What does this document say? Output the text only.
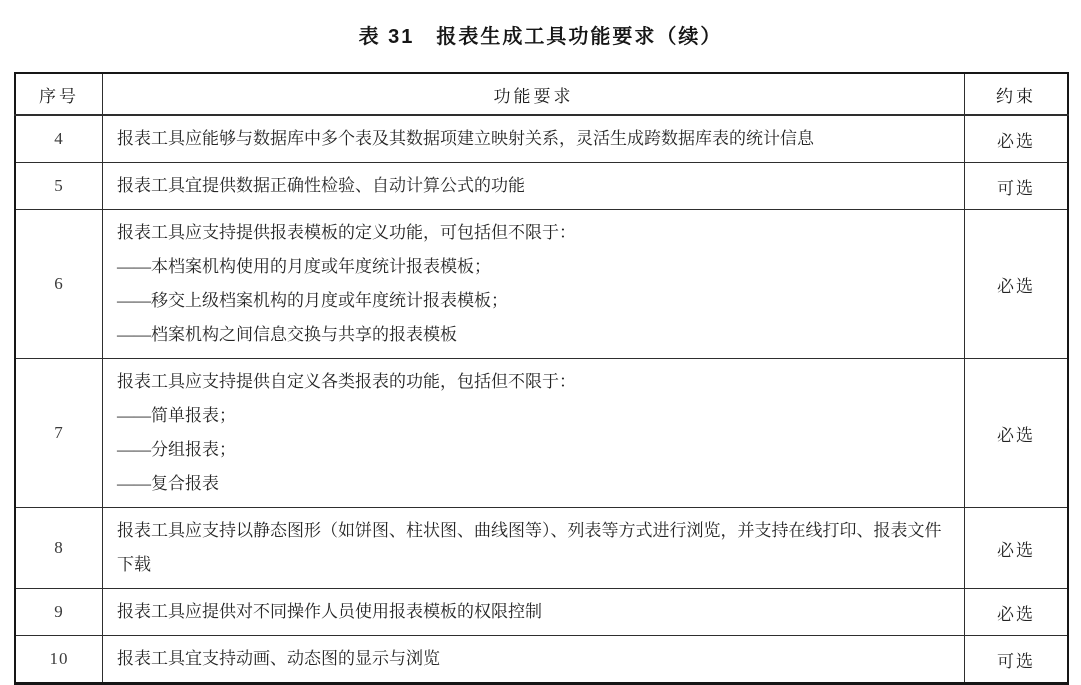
表 31　报表生成工具功能要求（续）
序号	功能要求	约束
4	报表工具应能够与数据库中多个表及其数据项建立映射关系，灵活生成跨数据库表的统计信息	必选
5	报表工具宜提供数据正确性检验、自动计算公式的功能	可选
6	报表工具应支持提供报表模板的定义功能，可包括但不限于：
——本档案机构使用的月度或年度统计报表模板；
——移交上级档案机构的月度或年度统计报表模板；
——档案机构之间信息交换与共享的报表模板	必选
7	报表工具应支持提供自定义各类报表的功能，包括但不限于：
——简单报表；
——分组报表；
——复合报表	必选
8	报表工具应支持以静态图形（如饼图、柱状图、曲线图等）、列表等方式进行浏览，并支持在线打印、报表文件下载	必选
9	报表工具应提供对不同操作人员使用报表模板的权限控制	必选
10	报表工具宜支持动画、动态图的显示与浏览	可选
